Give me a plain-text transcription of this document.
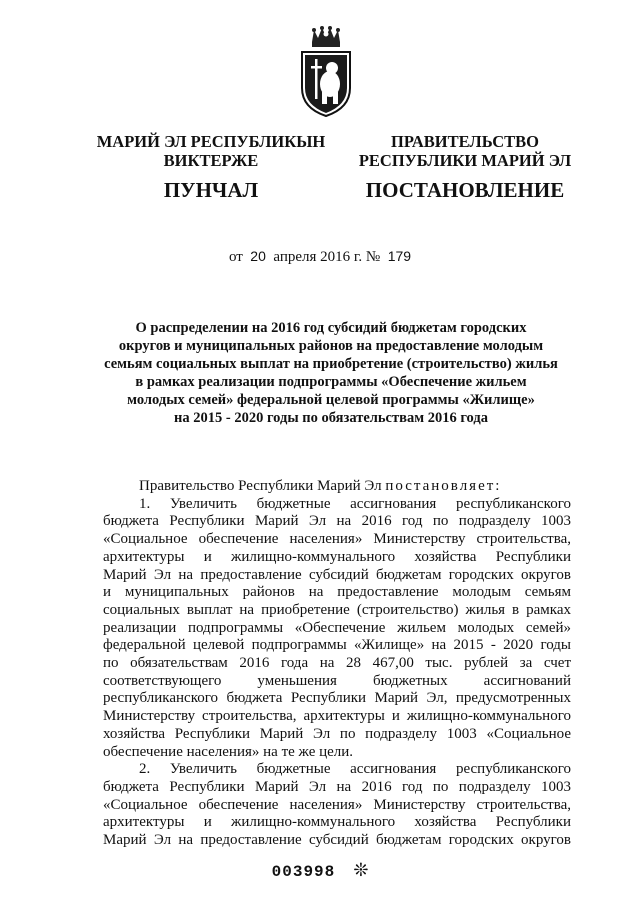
МАРИЙ ЭЛ РЕСПУБЛИКЫН
ВИКТЕРЖЕ
ПРАВИТЕЛЬСТВО
РЕСПУБЛИКИ МАРИЙ ЭЛ
ПУНЧАЛ	ПОСТАНОВЛЕНИЕ
от 20 апреля 2016 г. № 179
О распределении на 2016 год субсидий бюджетам городских
округов и муниципальных районов на предоставление молодым
семьям социальных выплат на приобретение (строительство) жилья
в рамках реализации подпрограммы «Обеспечение жильем
молодых семей» федеральной целевой программы «Жилище»
на 2015 - 2020 годы по обязательствам 2016 года

Правительство Республики Марий Эл постановляет:

1. Увеличить бюджетные ассигнования республиканского
бюджета Республики Марий Эл на 2016 год по подразделу 1003
«Социальное обеспечение населения» Министерству строительства,
архитектуры и жилищно-коммунального хозяйства Республики
Марий Эл на предоставление субсидий бюджетам городских округов
и муниципальных районов на предоставление молодым семьям
социальных выплат на приобретение (строительство) жилья в рамках
реализации подпрограммы «Обеспечение жильем молодых семей»
федеральной целевой подпрограммы «Жилище» на 2015 - 2020 годы
по обязательствам 2016 года на 28 467,00 тыс. рублей за счет
соответствующего уменьшения бюджетных ассигнований
республиканского бюджета Республики Марий Эл, предусмотренных
Министерству строительства, архитектуры и жилищно-коммунального
хозяйства Республики Марий Эл по подразделу 1003 «Социальное
обеспечение населения» на те же цели.
2. Увеличить бюджетные ассигнования республиканского
бюджета Республики Марий Эл на 2016 год по подразделу 1003
«Социальное обеспечение населения» Министерству строительства,
архитектуры и жилищно-коммунального хозяйства Республики
Марий Эл на предоставление субсидий бюджетам городских округов
003998 ❊
